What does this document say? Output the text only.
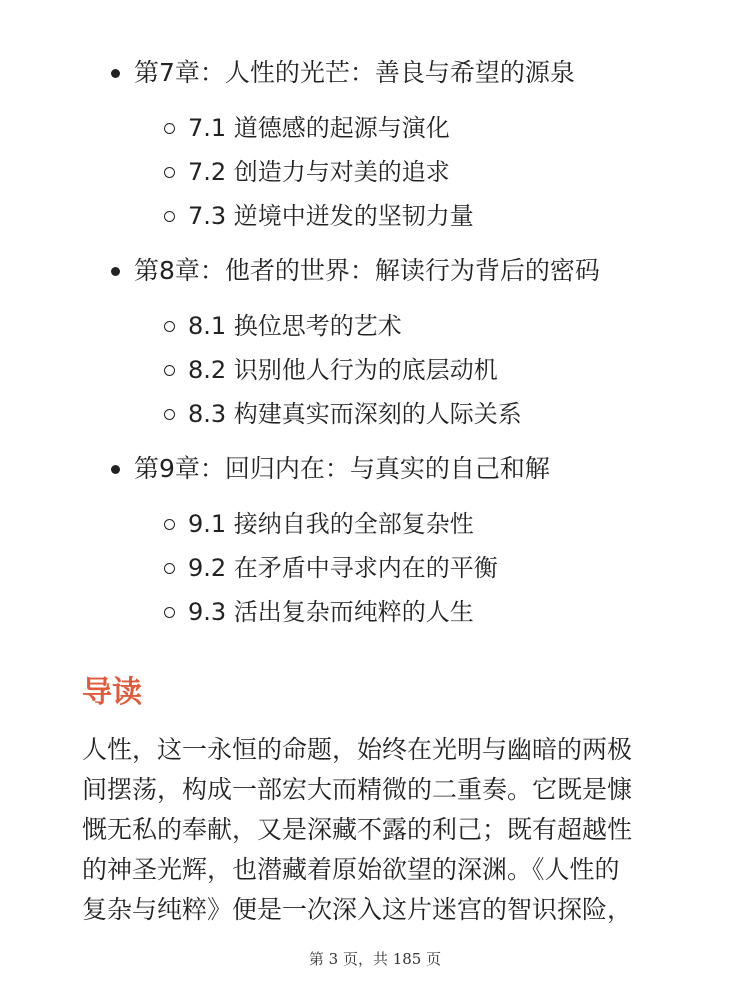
第7章：人性的光芒：善良与希望的源泉
7.1 道德感的起源与演化
7.2 创造力与对美的追求
7.3 逆境中迸发的坚韧力量
第8章：他者的世界：解读行为背后的密码
8.1 换位思考的艺术
8.2 识别他人行为的底层动机
8.3 构建真实而深刻的人际关系
第9章：回归内在：与真实的自己和解
9.1 接纳自我的全部复杂性
9.2 在矛盾中寻求内在的平衡
9.3 活出复杂而纯粹的人生
导读
人性，这一永恒的命题，始终在光明与幽暗的两极
间摆荡，构成一部宏大而精微的二重奏。它既是慷
慨无私的奉献，又是深藏不露的利己；既有超越性
的神圣光辉，也潜藏着原始欲望的深渊。《人性的
复杂与纯粹》便是一次深入这片迷宫的智识探险，
第 3 页，共 185 页
